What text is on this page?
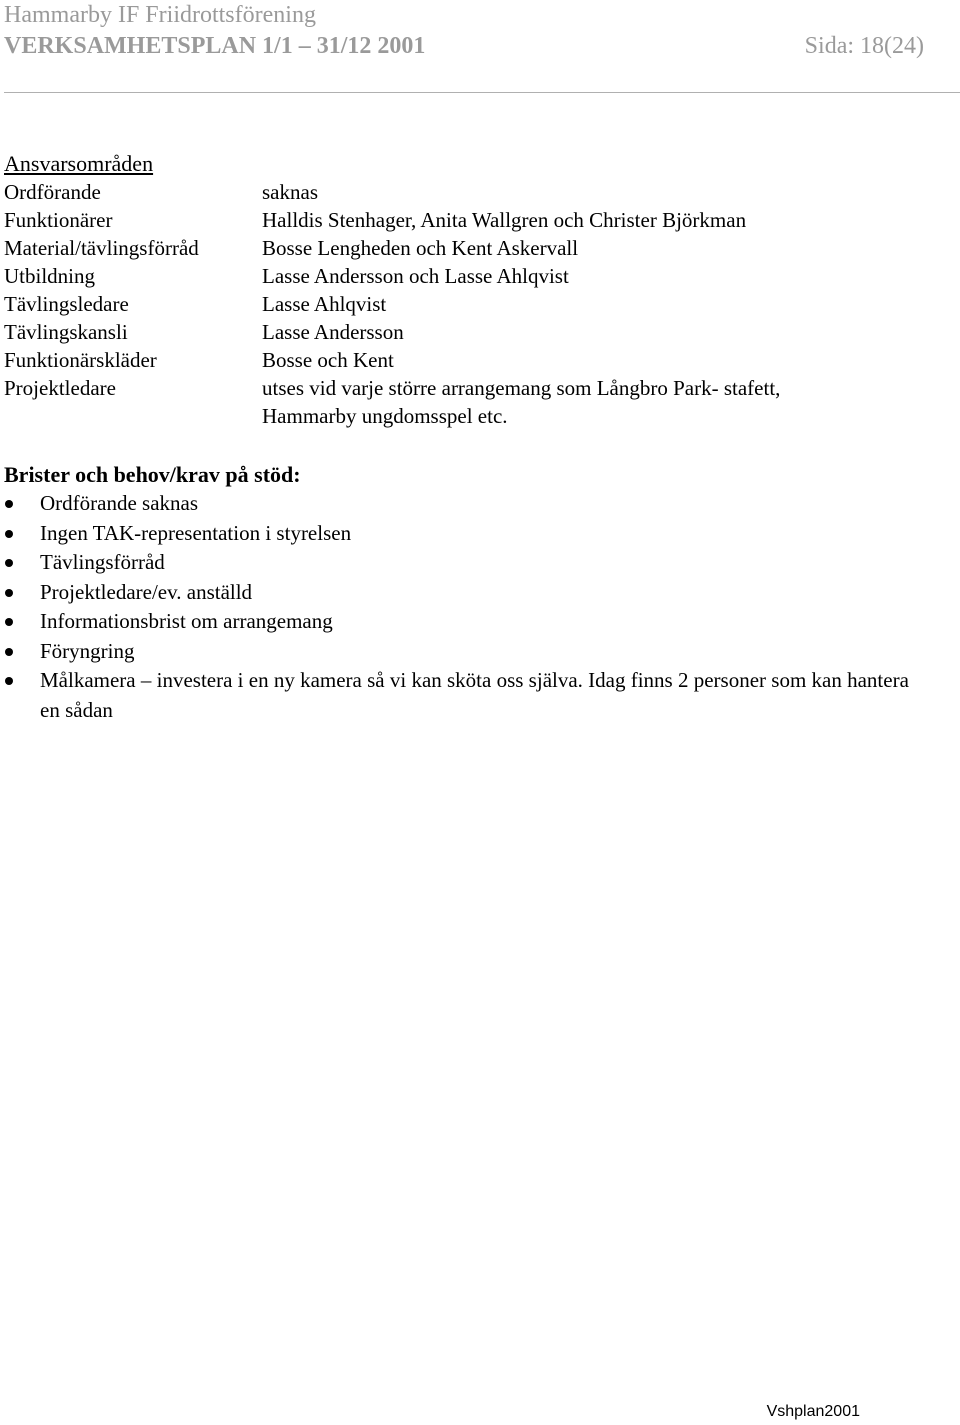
Hammarby IF Friidrottsförening
VERKSAMHETSPLAN 1/1 – 31/12 2001	Sida: 18(24)
Ansvarsområden
Ordförande	saknas
Funktionärer	Halldis Stenhager, Anita Wallgren och Christer Björkman
Material/tävlingsförråd	Bosse Lengheden och Kent Askervall
Utbildning	Lasse Andersson och Lasse Ahlqvist
Tävlingsledare	Lasse Ahlqvist
Tävlingskansli	Lasse Andersson
Funktionärskläder	Bosse och Kent
Projektledare	utses vid varje större arrangemang som Långbro Park- stafett, Hammarby ungdomsspel etc.
Brister och behov/krav på stöd:
Ordförande saknas
Ingen TAK-representation i styrelsen
Tävlingsförråd
Projektledare/ev. anställd
Informationsbrist om arrangemang
Föryngring
Målkamera – investera i en ny kamera så vi kan sköta oss själva. Idag finns 2 personer som kan hantera en sådan
Vshplan2001
